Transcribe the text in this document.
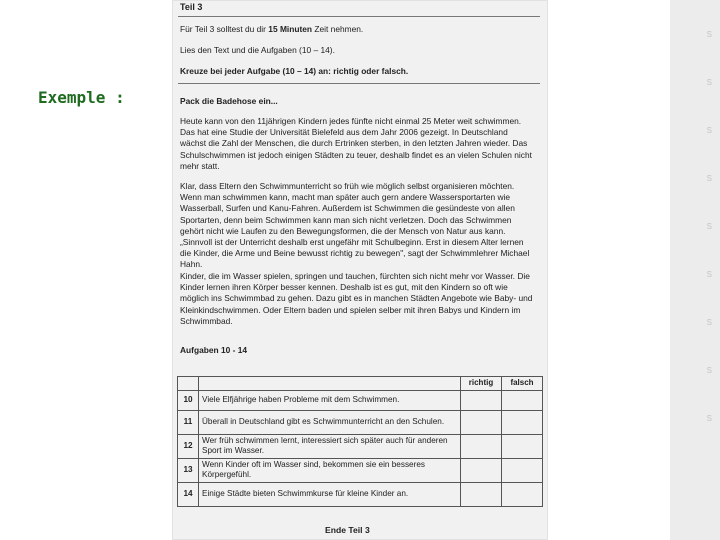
Exemple :
S
S
S
S
S
S
S
S
S
Teil 3
Für Teil 3 solltest du dir 15 Minuten Zeit nehmen.
Lies den Text und die Aufgaben (10 – 14).
Kreuze bei jeder Aufgabe (10 – 14) an: richtig oder falsch.
Pack die Badehose ein...
Heute kann von den 11jährigen Kindern jedes fünfte nicht einmal 25 Meter weit schwimmen. Das hat eine Studie der Universität Bielefeld aus dem Jahr 2006 gezeigt. In Deutschland wächst die Zahl der Menschen, die durch Ertrinken sterben, in den letzten Jahren wieder. Das Schulschwimmen ist jedoch einigen Städten zu teuer, deshalb findet es an vielen Schulen nicht mehr statt.
Klar, dass Eltern den Schwimmunterricht so früh wie möglich selbst organisieren möchten. Wenn man schwimmen kann, macht man später auch gern andere Wassersportarten wie Wasserball, Surfen und Kanu-Fahren. Außerdem ist Schwimmen die gesündeste von allen Sportarten, denn beim Schwimmen kann man sich nicht verletzen. Doch das Schwimmen gehört nicht wie Laufen zu den Bewegungsformen, die der Mensch von Natur aus kann. „Sinnvoll ist der Unterricht deshalb erst ungefähr mit Schulbeginn. Erst in diesem Alter lernen die Kinder, die Arme und Beine bewusst richtig zu bewegen", sagt der Schwimmlehrer Michael Hahn.
Kinder, die im Wasser spielen, springen und tauchen, fürchten sich nicht mehr vor Wasser. Die Kinder lernen ihren Körper besser kennen. Deshalb ist es gut, mit den Kindern so oft wie möglich ins Schwimmbad zu gehen. Dazu gibt es in manchen Städten Angebote wie Baby- und Kleinkindschwimmen. Oder Eltern baden und spielen selber mit ihren Babys und Kindern im Schwimmbad.
Aufgaben 10 - 14
		richtig	falsch
10	Viele Elfjährige haben Probleme mit dem Schwimmen.		
11	Überall in Deutschland gibt es Schwimmunterricht an den Schulen.		
12	Wer früh schwimmen lernt, interessiert sich später auch für anderen Sport im Wasser.		
13	Wenn Kinder oft im Wasser sind, bekommen sie ein besseres Körpergefühl.		
14	Einige Städte bieten Schwimmkurse für kleine Kinder an.		
Ende Teil 3
